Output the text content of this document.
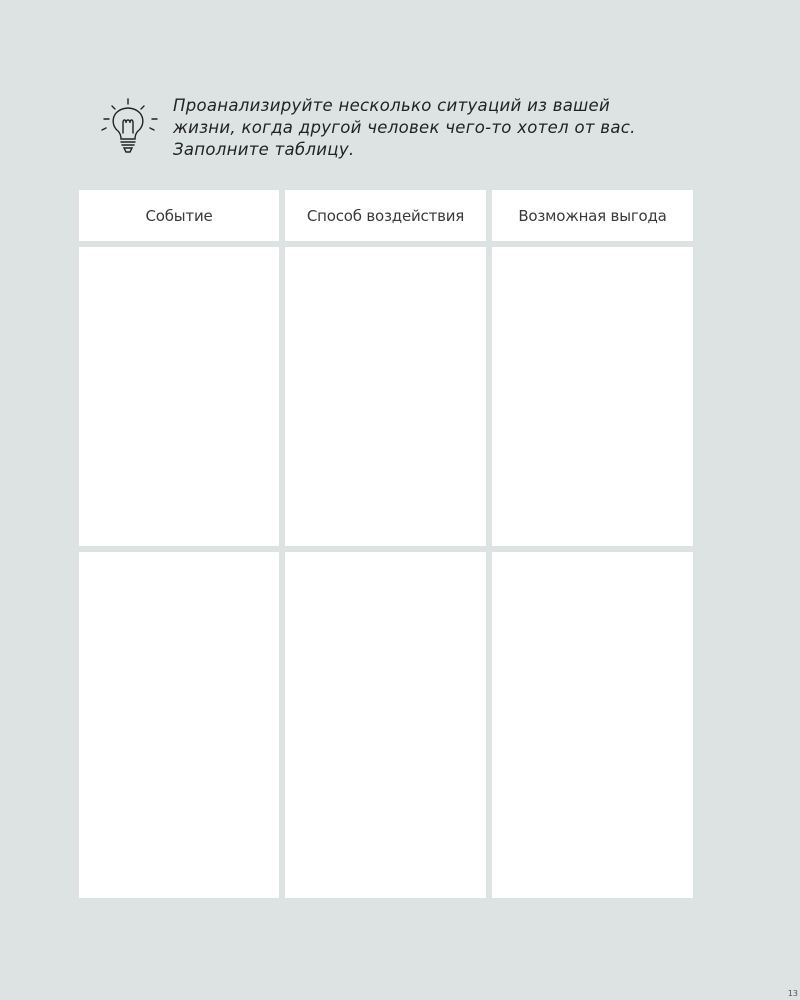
Проанализируйте несколько ситуаций из вашей
жизни, когда другой человек чего-то хотел от вас.
Заполните таблицу.
Событие	Способ воздействия	Возможная выгода
13
